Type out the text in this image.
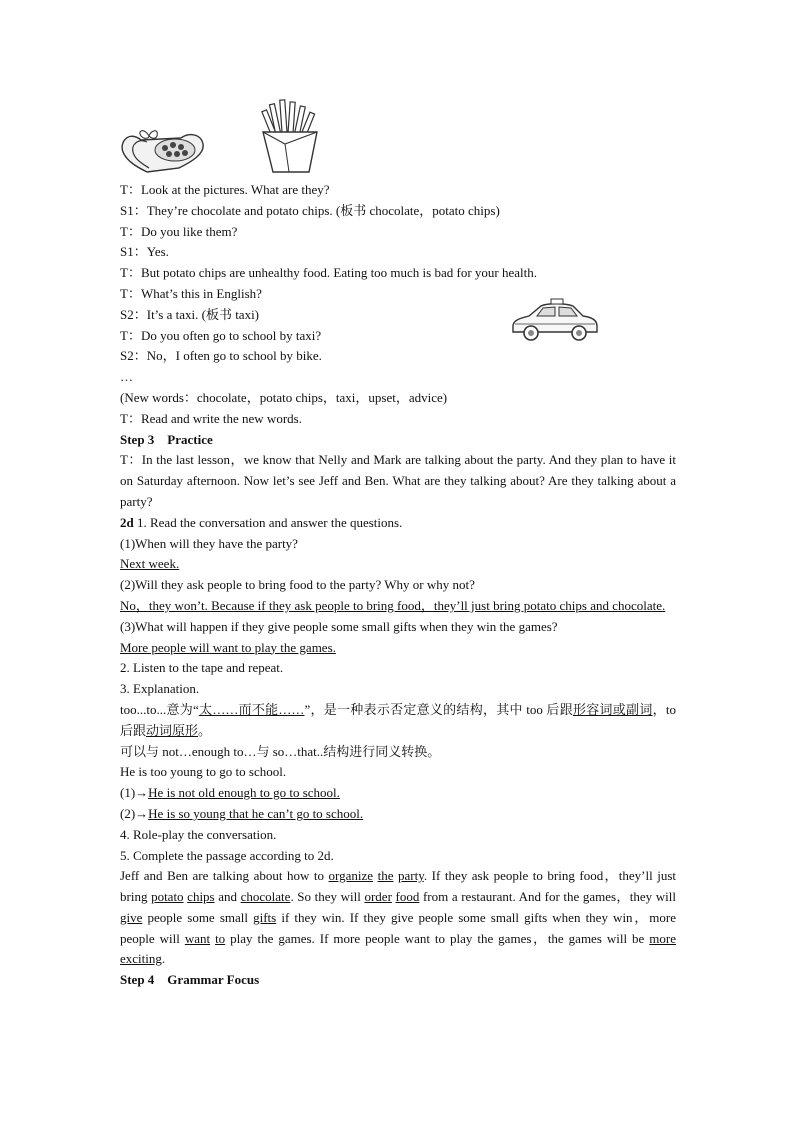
T：Look at the pictures. What are they?
S1：They’re chocolate and potato chips. (板书 chocolate，potato chips)
T：Do you like them?
S1：Yes.
T：But potato chips are unhealthy food. Eating too much is bad for your health.
T：What’s this in English?
S2：It’s a taxi. (板书 taxi)
T：Do you often go to school by taxi?
S2：No，I often go to school by bike.
…
(New words：chocolate，potato chips，taxi，upset，advice)
T：Read and write the new words.
Step 3　Practice
T：In the last lesson，we know that Nelly and Mark are talking about the party. And they plan to have it on Saturday afternoon. Now let’s see Jeff and Ben. What are they talking about? Are they talking about a party?
2d 1. Read the conversation and answer the questions.
(1)When will they have the party?
Next week.
(2)Will they ask people to bring food to the party? Why or why not?
No，they won’t. Because if they ask people to bring food，they’ll just bring potato chips and chocolate.
(3)What will happen if they give people some small gifts when they win the games?
More people will want to play the games.
2. Listen to the tape and repeat.
3. Explanation.
too...to...意为“太……而不能……”，是一种表示否定意义的结构，其中 too 后跟形容词或副词，to 后跟动词原形。
可以与 not…enough to…与 so…that..结构进行同义转换。
He is too young to go to school.
(1)→He is not old enough to go to school.
(2)→He is so young that he can’t go to school.
4. Role-play the conversation.
5. Complete the passage according to 2d.
Jeff and Ben are talking about how to organize the party. If they ask people to bring food，they’ll just bring potato chips and chocolate. So they will order food from a restaurant. And for the games，they will give people some small gifts if they win. If they give people some small gifts when they win，more people will want to play the games. If more people want to play the games，the games will be more exciting.
Step 4　Grammar Focus
